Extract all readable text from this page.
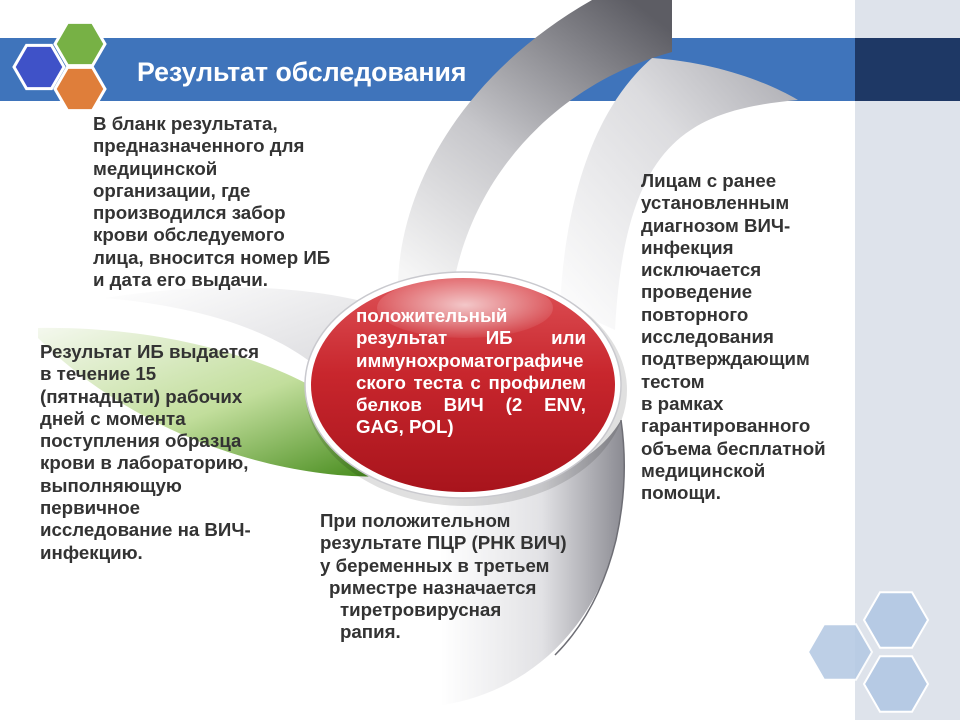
Результат обследования
В бланк результата,
предназначенного для
медицинской
организации, где
производился забор
крови обследуемого
лица, вносится номер ИБ
и дата его выдачи.
Результат ИБ выдается
в течение 15
(пятнадцати) рабочих
дней с момента
поступления образца
крови в лабораторию,
выполняющую
первичное
исследование на ВИЧ-
инфекцию.
положительный
результат ИБ или
иммунохроматографиче
ского теста с профилем
белков ВИЧ (2 ENV,
GAG, POL)
Лицам с ранее
установленным
диагнозом ВИЧ-
инфекция
исключается
проведение
повторного
исследования
подтверждающим
тестом
в рамках
гарантированного
объема бесплатной
медицинской
помощи.
При положительном
результате ПЦР (РНК ВИЧ)
у беременных в третьем
риместре назначается
тиретровирусная
рапия.
